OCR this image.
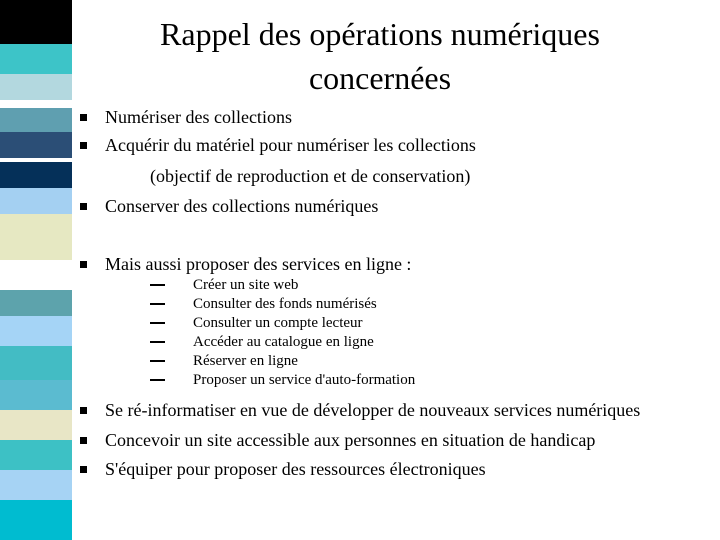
Rappel des opérations numériques
concernées
Numériser des collections
Acquérir du matériel pour numériser les collections
(objectif de reproduction et de conservation)
Conserver des collections numériques
Mais aussi proposer des services en ligne :
Créer un site web
Consulter des fonds numérisés
Consulter un compte lecteur
Accéder au catalogue en ligne
Réserver en ligne
Proposer un service d'auto-formation
Se ré-informatiser en vue de développer de nouveaux services numériques
Concevoir un site accessible aux personnes en situation de handicap
S'équiper pour proposer des ressources électroniques
